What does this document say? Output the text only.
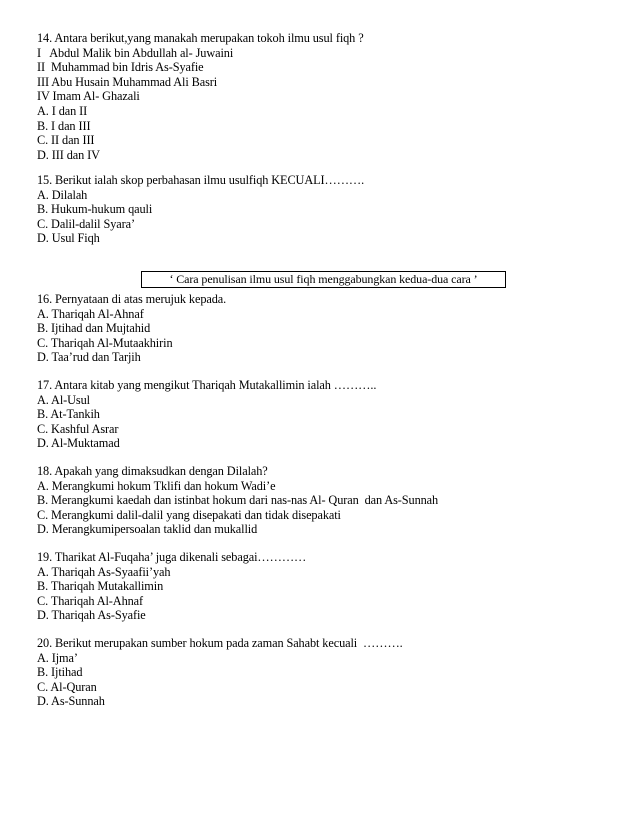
14. Antara berikut,yang manakah merupakan tokoh ilmu usul fiqh ?
I   Abdul Malik bin Abdullah al- Juwaini
II  Muhammad bin Idris As-Syafie
III Abu Husain Muhammad Ali Basri
IV Imam Al- Ghazali
A. I dan II
B. I dan III
C. II dan III
D. III dan IV
15. Berikut ialah skop perbahasan ilmu usulfiqh KECUALI……….
A. Dilalah
B. Hukum-hukum qauli
C. Dalil-dalil Syara’
D. Usul Fiqh
‘ Cara penulisan ilmu usul fiqh menggabungkan kedua-dua cara ’
16. Pernyataan di atas merujuk kepada.
A. Thariqah Al-Ahnaf
B. Ijtihad dan Mujtahid
C. Thariqah Al-Mutaakhirin
D. Taa’rud dan Tarjih
17. Antara kitab yang mengikut Thariqah Mutakallimin ialah ………..
A. Al-Usul
B. At-Tankih
C. Kashful Asrar
D. Al-Muktamad
18. Apakah yang dimaksudkan dengan Dilalah?
A. Merangkumi hokum Tklifi dan hokum Wadi’e
B. Merangkumi kaedah dan istinbat hokum dari nas-nas Al- Quran  dan As-Sunnah
C. Merangkumi dalil-dalil yang disepakati dan tidak disepakati
D. Merangkumipersoalan taklid dan mukallid
19. Tharikat Al-Fuqaha’ juga dikenali sebagai…………
A. Thariqah As-Syaafii’yah
B. Thariqah Mutakallimin
C. Thariqah Al-Ahnaf
D. Thariqah As-Syafie
20. Berikut merupakan sumber hokum pada zaman Sahabt kecuali  ……….
A. Ijma’
B. Ijtihad
C. Al-Quran
D. As-Sunnah
